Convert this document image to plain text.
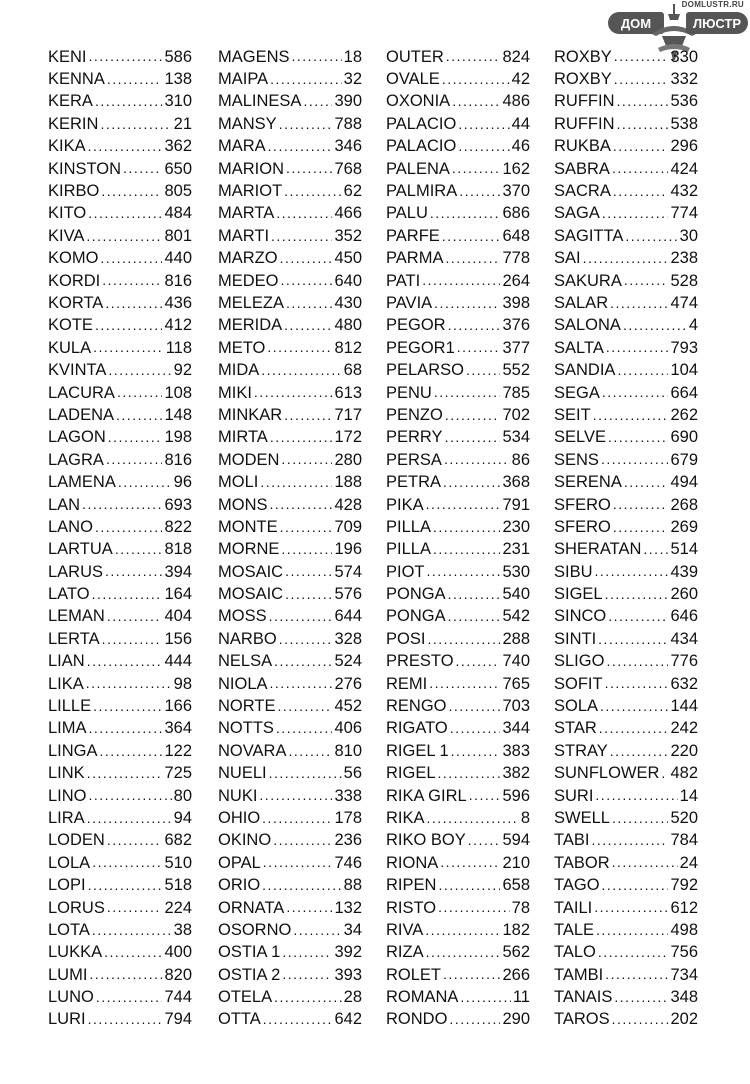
DOMLUSTR.RU
ДОМ	ЛЮСТР
KENI .....	586
KENNA .....	138
KERA .....	310
KERIN .....	21
KIKA .....	362
KINSTON .....	650
KIRBO .....	805
KITO .....	484
KIVA .....	801
KOMO .....	440
KORDI .....	816
KORTA .....	436
KOTE .....	412
KULA .....	118
KVINTA .....	92
LACURA .....	108
LADENA .....	148
LAGON .....	198
LAGRA .....	816
LAMENA .....	96
LAN .....	693
LANO .....	822
LARTUA .....	818
LARUS .....	394
LATO .....	164
LEMAN .....	404
LERTA .....	156
LIAN .....	444
LIKA .....	98
LILLE .....	166
LIMA .....	364
LINGA .....	122
LINK .....	725
LINO .....	80
LIRA .....	94
LODEN .....	682
LOLA .....	510
LOPI .....	518
LORUS .....	224
LOTA .....	38
LUKKA .....	400
LUMI .....	820
LUNO .....	744
LURI .....	794
MAGENS .....	18
MAIPA .....	32
MALINESA ..... 390
MANSY .....	788
MARA .....	346
MARION .....	768
MARIOT .....	62
MARTA .....	466
MARTI .....	352
MARZO .....	450
MEDEO .....	640
MELEZA .....	430
MERIDA .....	480
METO .....	812
MIDA .....	68
MIKI .....	613
MINKAR .....	717
MIRTA .....	172
MODEN .....	280
MOLI .....	188
MONS .....	428
MONTE .....	709
MORNE .....	196
MOSAIC .....	574
MOSAIC .....	576
MOSS .....	644
NARBO .....	328
NELSA .....	524
NIOLA .....	276
NORTE .....	452
NOTTS .....	406
NOVARA .....	810
NUELI .....	56
NUKI .....	338
OHIO .....	178
OKINO .....	236
OPAL .....	746
ORIO .....	88
ORNATA .....	132
OSORNO .....	34
OSTIA 1 .....	392
OSTIA 2 .....	393
OTELA .....	28
OTTA .....	642
OUTER .....	824
OVALE .....	42
OXONIA .....	486
PALACIO .....	44
PALACIO .....	46
PALENA .....	162
PALMIRA .....	370
PALU .....	686
PARFE .....	648
PARMA .....	778
PATI .....	264
PAVIA .....	398
PEGOR .....	376
PEGOR1 .....	377
PELARSO ..... 552
PENU .....	785
PENZO .....	702
PERRY .....	534
PERSA .....	86
PETRA .....	368
PIKA .....	791
PILLA .....	230
PILLA .....	231
PIOT .....	530
PONGA .....	540
PONGA .....	542
POSI .....	288
PRESTO .....	740
REMI .....	765
RENGO .....	703
RIGATO .....	344
RIGEL 1 .....	383
RIGEL .....	382
RIKA GIRL ..... 596
RIKA .....	8
RIKO BOY ..... 594
RIONA .....	210
RIPEN .....	658
RISTO .....	78
RIVA .....	182
RIZA .....	562
ROLET .....	266
ROMANA .....	11
RONDO .....	290
ROXBY .....	330
ROXBY .....	332
RUFFIN .....	536
RUFFIN .....	538
RUKBA .....	296
SABRA .....	424
SACRA .....	432
SAGA .....	774
SAGITTA .....	30
SAI .....	238
SAKURA .....	528
SALAR .....	474
SALONA .....	4
SALTA .....	793
SANDIA .....	104
SEGA .....	664
SEIT .....	262
SELVE .....	690
SENS .....	679
SERENA .....	494
SFERO .....	268
SFERO .....	269
SHERATAN ..... 514
SIBU .....	439
SIGEL .....	260
SINCO .....	646
SINTI .....	434
SLIGO .....	776
SOFIT .....	632
SOLA .....	144
STAR .....	242
STRAY .....	220
SUNFLOWER ..... 482
SURI .....	14
SWELL .....	520
TABI .....	784
TABOR .....	24
TAGO .....	792
TAILI .....	612
TALE .....	498
TALO .....	756
TAMBI .....	734
TANAIS .....	348
TAROS .....	202
